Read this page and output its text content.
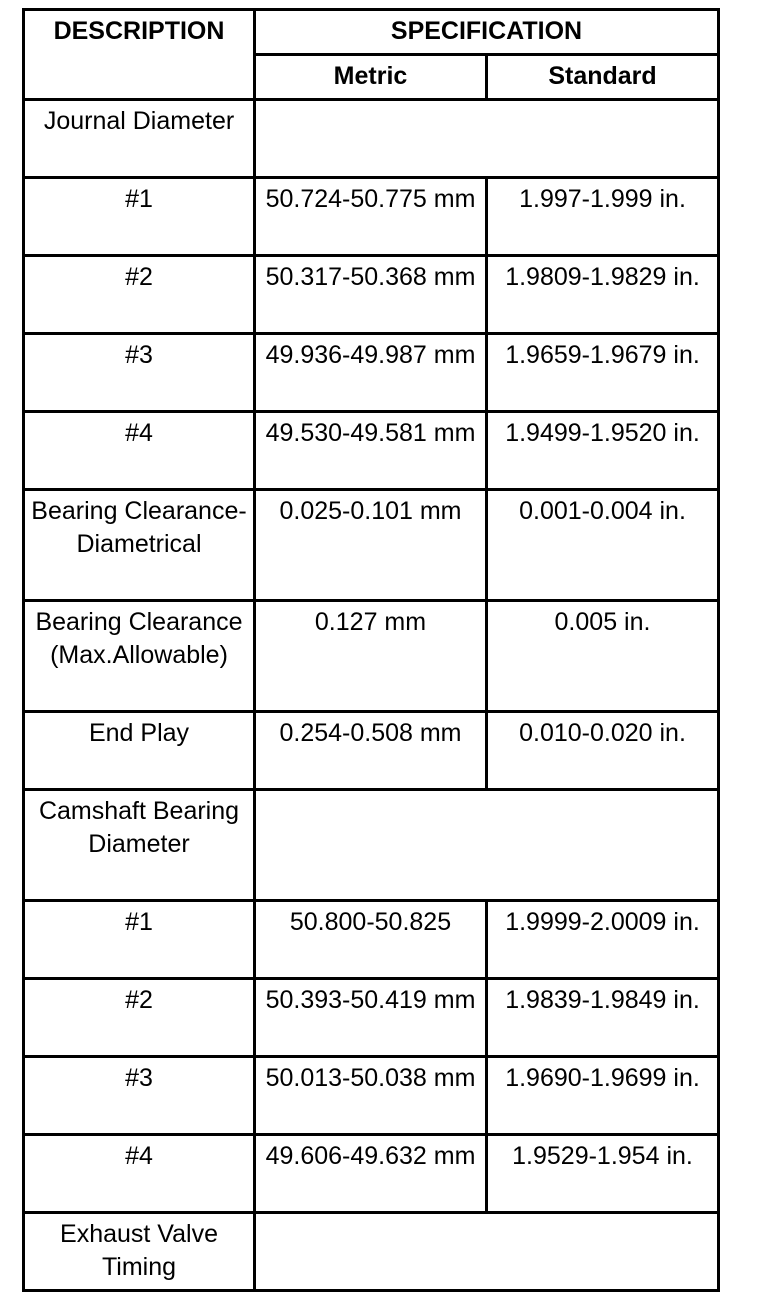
DESCRIPTION	SPECIFICATION	
	Metric	Standard
Journal Diameter		
#1	50.724-50.775 mm	1.997-1.999 in.
#2	50.317-50.368 mm	1.9809-1.9829 in.
#3	49.936-49.987 mm	1.9659-1.9679 in.
#4	49.530-49.581 mm	1.9499-1.9520 in.
Bearing Clearance-Diametrical	0.025-0.101 mm	0.001-0.004 in.
Bearing Clearance (Max.Allowable)	0.127 mm	0.005 in.
End Play	0.254-0.508 mm	0.010-0.020 in.
Camshaft Bearing Diameter		
#1	50.800-50.825	1.9999-2.0009 in.
#2	50.393-50.419 mm	1.9839-1.9849 in.
#3	50.013-50.038 mm	1.9690-1.9699 in.
#4	49.606-49.632 mm	1.9529-1.954 in.
Exhaust Valve Timing		
